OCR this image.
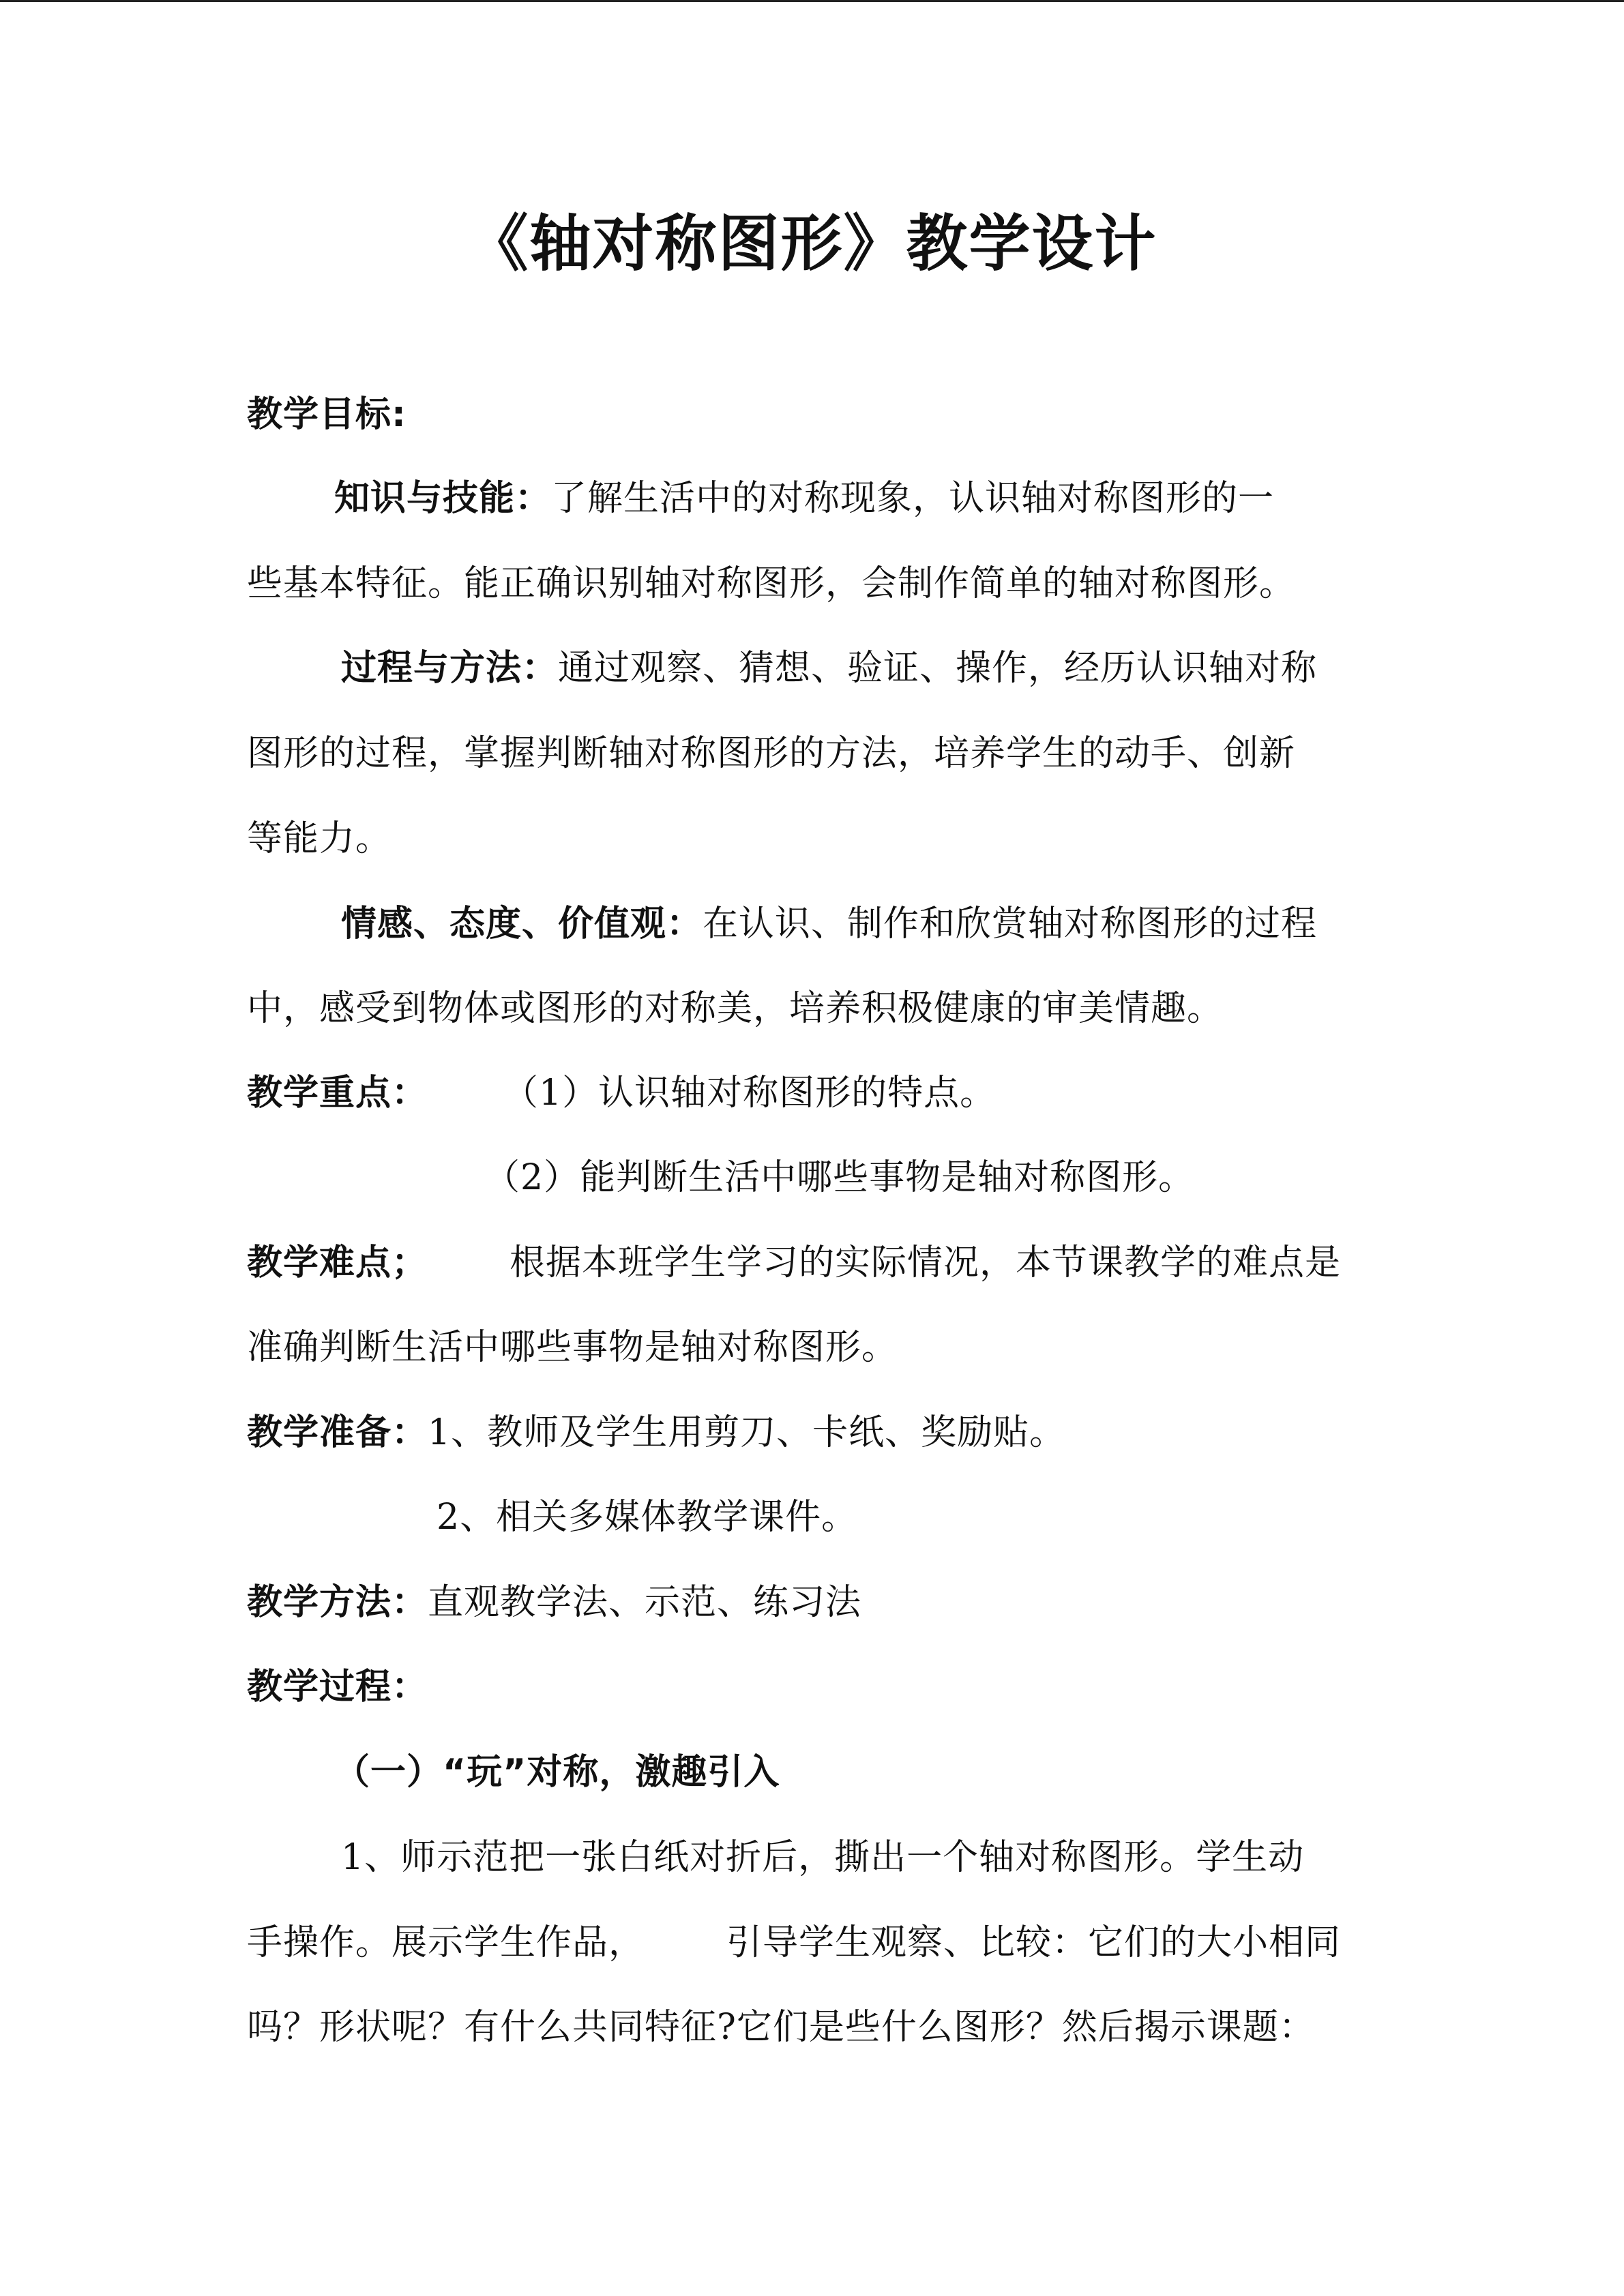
《轴对称图形》教学设计
教学目标:
知识与技能：了解生活中的对称现象，认识轴对称图形的一
些基本特征。能正确识别轴对称图形，会制作简单的轴对称图形。
过程与方法：通过观察、猜想、验证、操作，经历认识轴对称
图形的过程，掌握判断轴对称图形的方法，培养学生的动手、创新
等能力。
情感、态度、价值观：在认识、制作和欣赏轴对称图形的过程
中，感受到物体或图形的对称美，培养积极健康的审美情趣。
教学重点： （1）认识轴对称图形的特点。
（2）能判断生活中哪些事物是轴对称图形。
教学难点； 根据本班学生学习的实际情况，本节课教学的难点是
准确判断生活中哪些事物是轴对称图形。
教学准备：1、教师及学生用剪刀、卡纸、奖励贴。
2、相关多媒体教学课件。
教学方法：直观教学法、示范、练习法
教学过程：
（一）“玩”对称，激趣引入
1、师示范把一张白纸对折后，撕出一个轴对称图形。学生动
手操作。展示学生作品， 引导学生观察、比较：它们的大小相同
吗？形状呢？有什么共同特征?它们是些什么图形？然后揭示课题：
